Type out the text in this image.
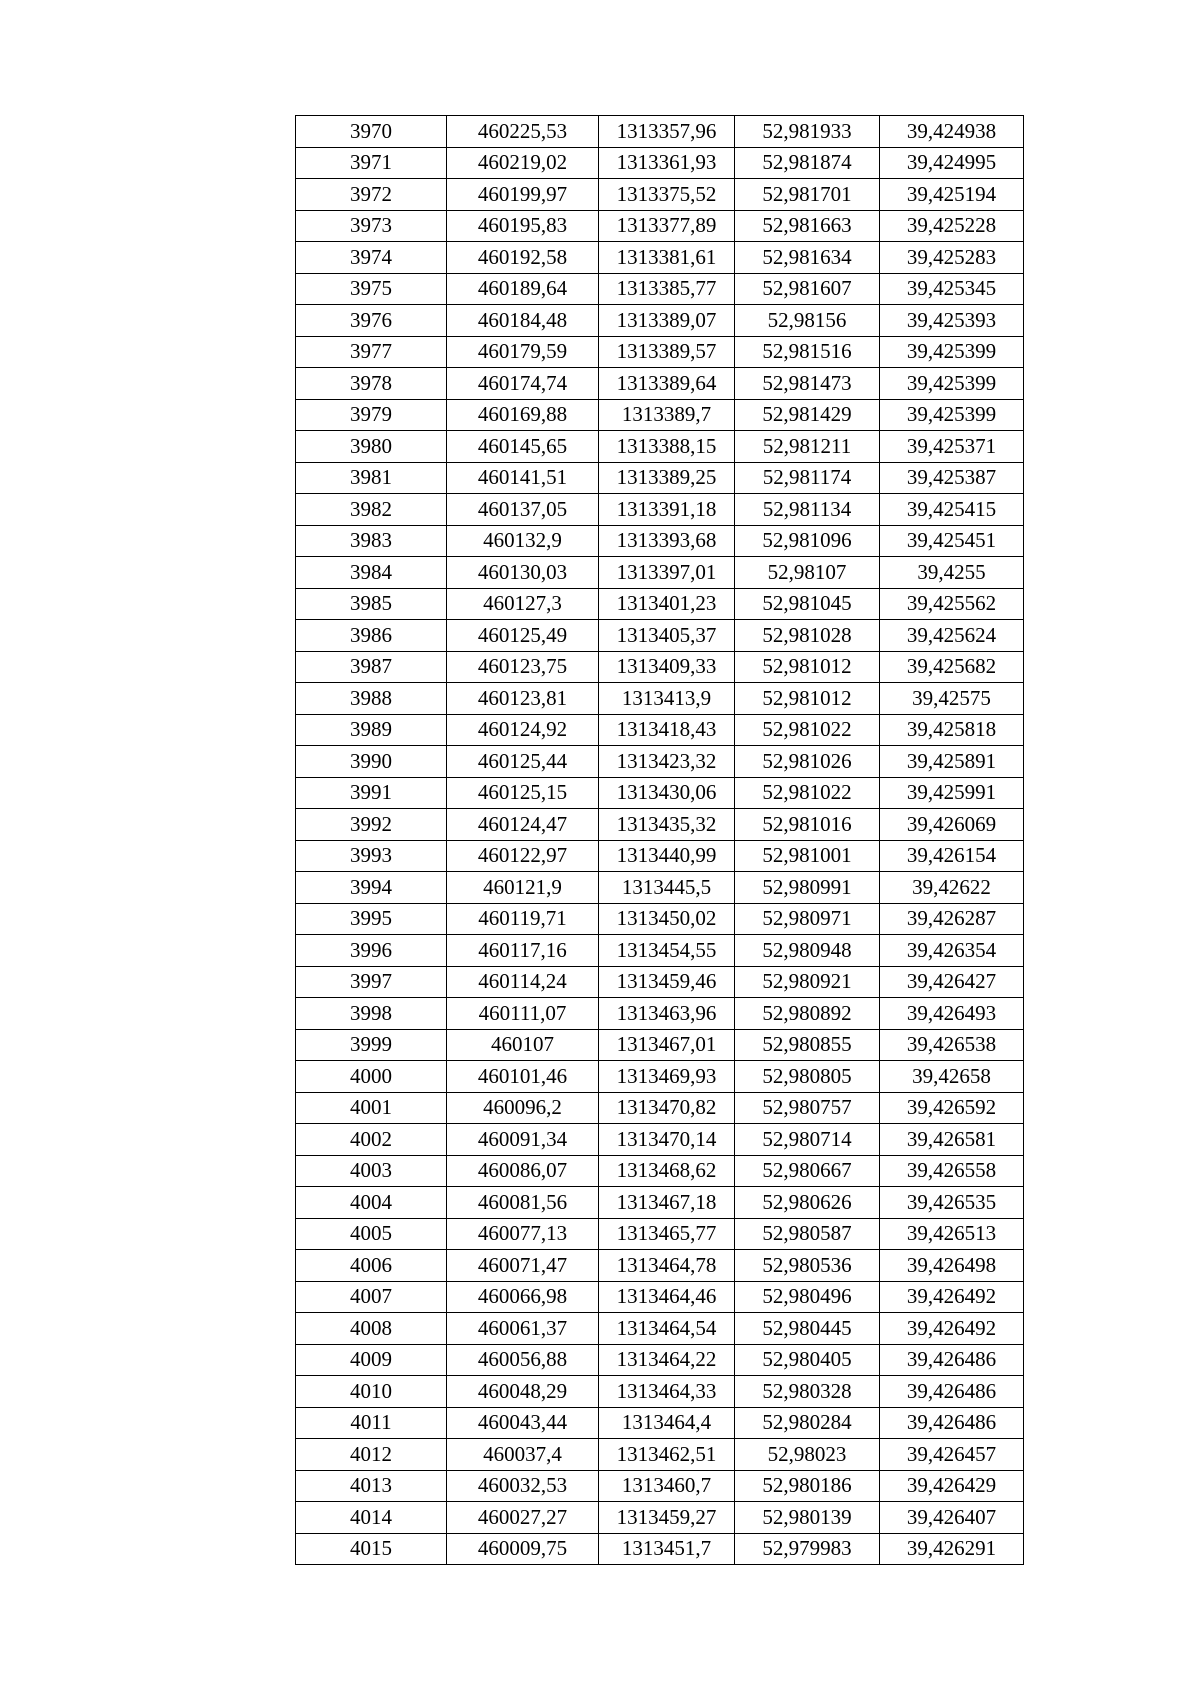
3970	460225,53	1313357,96	52,981933	39,424938
3971	460219,02	1313361,93	52,981874	39,424995
3972	460199,97	1313375,52	52,981701	39,425194
3973	460195,83	1313377,89	52,981663	39,425228
3974	460192,58	1313381,61	52,981634	39,425283
3975	460189,64	1313385,77	52,981607	39,425345
3976	460184,48	1313389,07	52,98156	39,425393
3977	460179,59	1313389,57	52,981516	39,425399
3978	460174,74	1313389,64	52,981473	39,425399
3979	460169,88	1313389,7	52,981429	39,425399
3980	460145,65	1313388,15	52,981211	39,425371
3981	460141,51	1313389,25	52,981174	39,425387
3982	460137,05	1313391,18	52,981134	39,425415
3983	460132,9	1313393,68	52,981096	39,425451
3984	460130,03	1313397,01	52,98107	39,4255
3985	460127,3	1313401,23	52,981045	39,425562
3986	460125,49	1313405,37	52,981028	39,425624
3987	460123,75	1313409,33	52,981012	39,425682
3988	460123,81	1313413,9	52,981012	39,42575
3989	460124,92	1313418,43	52,981022	39,425818
3990	460125,44	1313423,32	52,981026	39,425891
3991	460125,15	1313430,06	52,981022	39,425991
3992	460124,47	1313435,32	52,981016	39,426069
3993	460122,97	1313440,99	52,981001	39,426154
3994	460121,9	1313445,5	52,980991	39,42622
3995	460119,71	1313450,02	52,980971	39,426287
3996	460117,16	1313454,55	52,980948	39,426354
3997	460114,24	1313459,46	52,980921	39,426427
3998	460111,07	1313463,96	52,980892	39,426493
3999	460107	1313467,01	52,980855	39,426538
4000	460101,46	1313469,93	52,980805	39,42658
4001	460096,2	1313470,82	52,980757	39,426592
4002	460091,34	1313470,14	52,980714	39,426581
4003	460086,07	1313468,62	52,980667	39,426558
4004	460081,56	1313467,18	52,980626	39,426535
4005	460077,13	1313465,77	52,980587	39,426513
4006	460071,47	1313464,78	52,980536	39,426498
4007	460066,98	1313464,46	52,980496	39,426492
4008	460061,37	1313464,54	52,980445	39,426492
4009	460056,88	1313464,22	52,980405	39,426486
4010	460048,29	1313464,33	52,980328	39,426486
4011	460043,44	1313464,4	52,980284	39,426486
4012	460037,4	1313462,51	52,98023	39,426457
4013	460032,53	1313460,7	52,980186	39,426429
4014	460027,27	1313459,27	52,980139	39,426407
4015	460009,75	1313451,7	52,979983	39,426291
